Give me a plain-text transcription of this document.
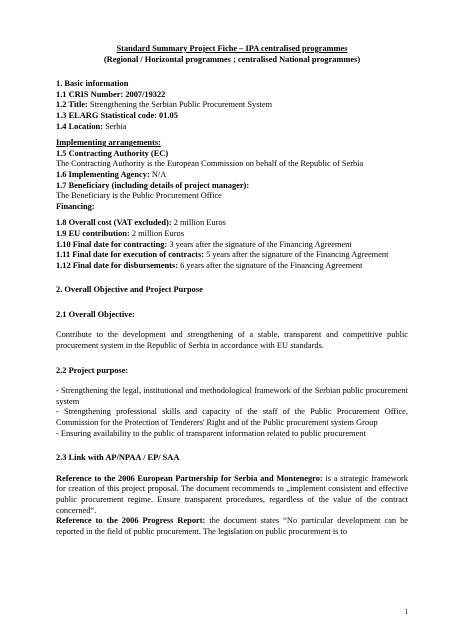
Standard Summary Project Fiche – IPA centralised programmes

(Regional / Horizontal programmes ; centralised National programmes)

1. Basic information

1.1 CRIS Number: 2007/19322

1.2 Title: Strengthening the Serbian Public Procurement System

1.3 ELARG Statistical code: 01.05

1.4 Location: Serbia

Implementing arrangements:

1.5 Contracting Authority (EC)

The Contracting Authority is the European Commission on behalf of the Republic of Serbia

1.6 Implementing Agency: N/A

1.7 Beneficiary (including details of project manager):

The Beneficiary is the Public Procurement Office

Financing:

1.8 Overall cost (VAT excluded): 2 million Euros

1.9 EU contribution: 2 million Euros

1.10 Final date for contracting: 3 years after the signature of the Financing Agreement

1.11 Final date for execution of contracts: 5 years after the signature of the Financing Agreement

1.12 Final date for disbursements: 6 years after the signature of the Financing Agreement

2. Overall Objective and Project Purpose

2.1 Overall Objective:

Contribute to the development and strengthening of a stable, transparent and competitive public procurement system in the Republic of Serbia in accordance with EU standards.

2.2 Project purpose:

- Strengthening the legal, institutional and methodological framework of the Serbian public procurement system

- Strengthening professional skills and capacity of the staff of the Public Procurement Office, Commission for the Protection of Tenderers' Right and of the Public procurement system Group

- Ensuring availability to the public of transparent information related to public procurement

2.3 Link with AP/NPAA / EP/ SAA

Reference to the 2006 European Partnership for Serbia and Montenegro: is a strategic framework for creation of this project proposal. The document recommends to „implement consistent and effective public procurement regime. Ensure transparent procedures, regardless of the value of the contract concerned“.

Reference to the 2006 Progress Report: the document states “No particular development can be reported in the field of public procurement. The legislation on public procurement is to

1
